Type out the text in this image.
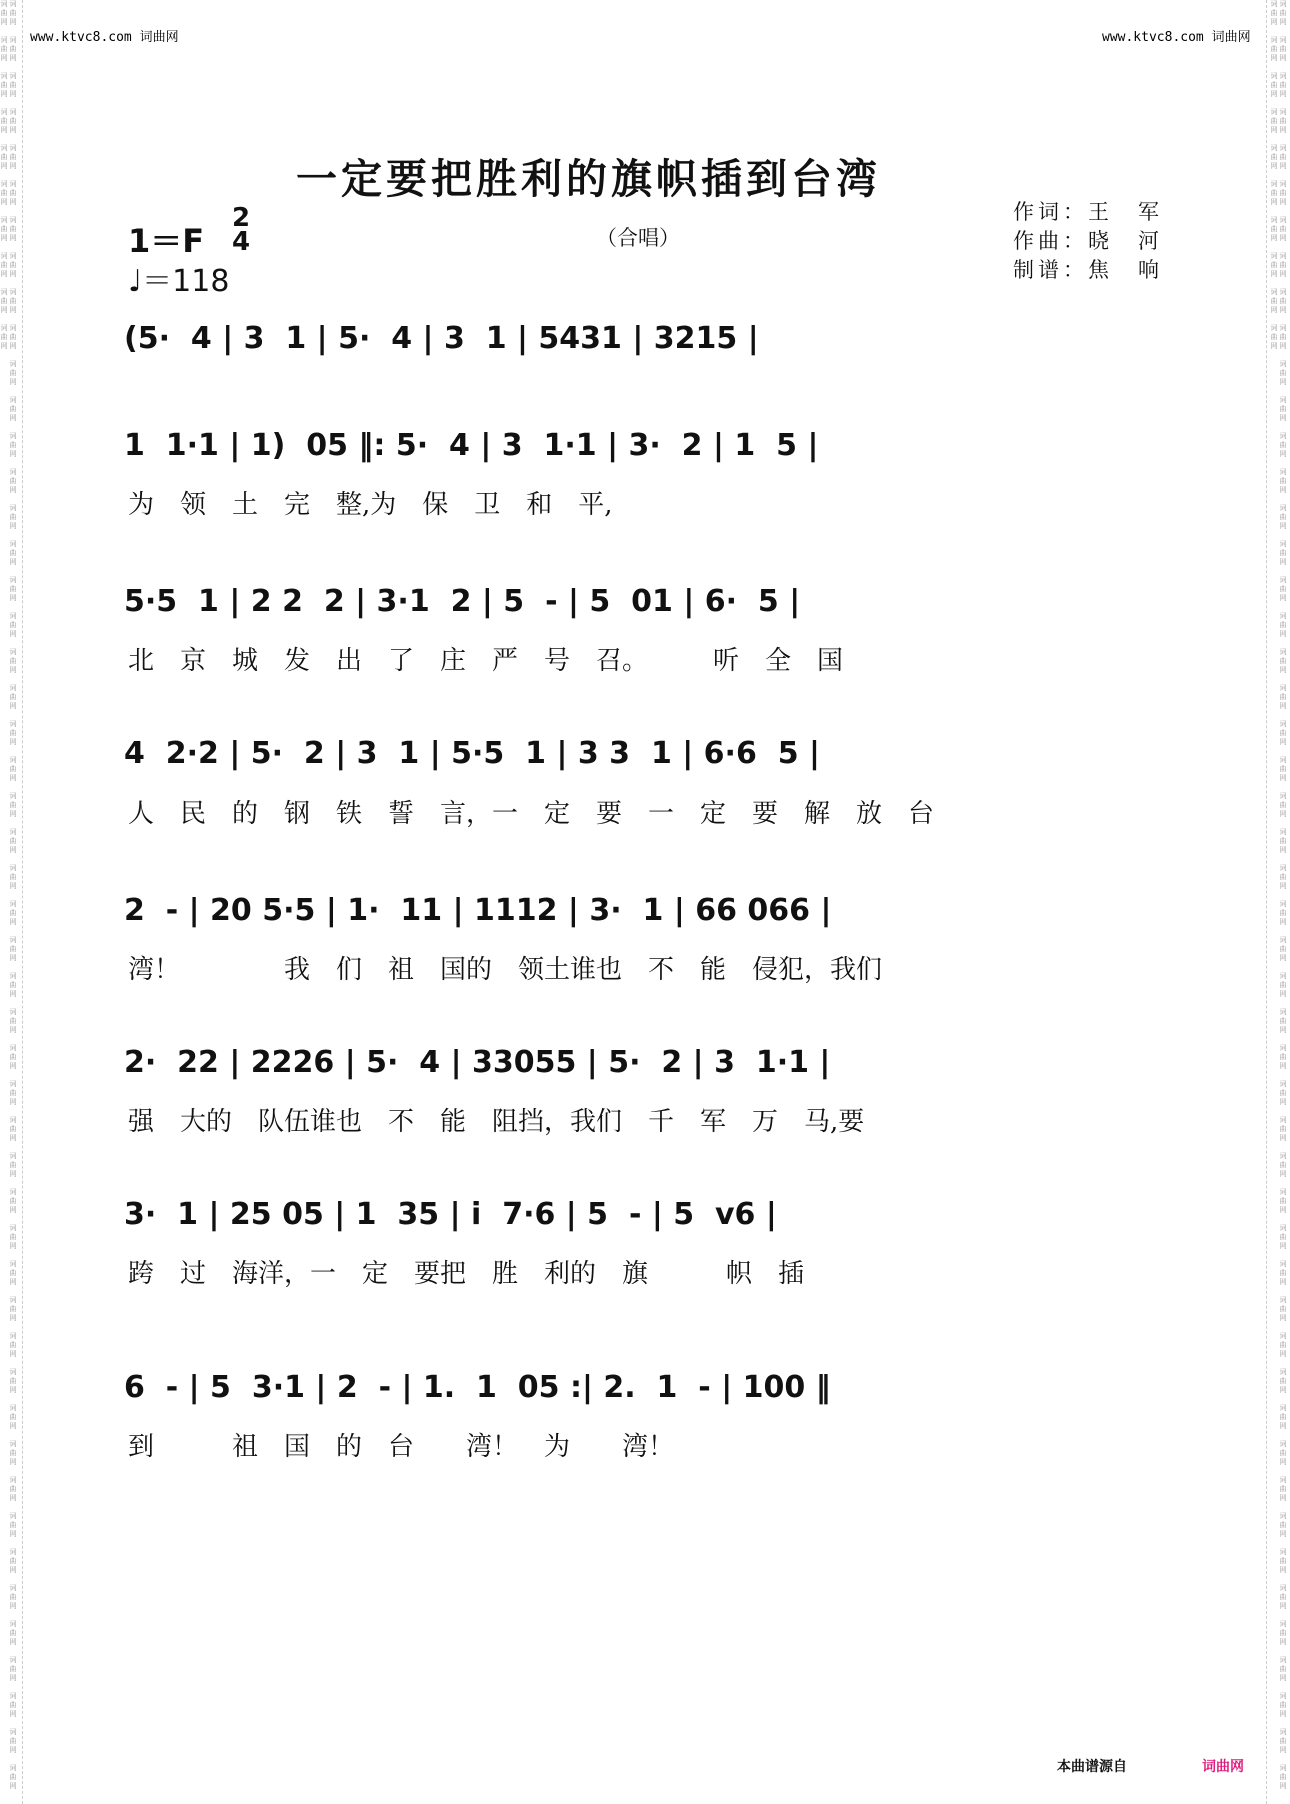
词曲网　词曲网　词曲网　词曲网　词曲网　词曲网　词曲网　词曲网　词曲网　词曲网　词曲网　词曲网　词曲网　词曲网　词曲网　词曲网　词曲网　词曲网　词曲网　词曲网　词曲网　词曲网　词曲网　词曲网　词曲网　词曲网　词曲网　词曲网　词曲网　词曲网　词曲网　词曲网　词曲网　词曲网　词曲网　词曲网　词曲网　词曲网　词曲网　词曲网　词曲网　词曲网　词曲网　词曲网　词曲网　词曲网　词曲网　词曲网　词曲网　词曲网　词曲网　词曲网　词曲网　词曲网　词曲网　词曲网　词曲网　词曲网　词曲网　词曲网　	词曲网　词曲网　词曲网　词曲网　词曲网　词曲网　词曲网　词曲网　词曲网　词曲网　词曲网　词曲网　词曲网　词曲网　词曲网　词曲网　词曲网　词曲网　词曲网　词曲网　词曲网　词曲网　词曲网　词曲网　词曲网　词曲网　词曲网　词曲网　词曲网　词曲网　词曲网　词曲网　词曲网　词曲网　词曲网　词曲网　词曲网　词曲网　词曲网　词曲网　词曲网　词曲网　词曲网　词曲网　词曲网　词曲网　词曲网　词曲网　词曲网　词曲网　词曲网　词曲网　词曲网　词曲网　词曲网　词曲网　词曲网　词曲网　词曲网　词曲网　
www.ktvc8.com 词曲网	www.ktvc8.com 词曲网
一定要把胜利的旗帜插到台湾
（合唱）
1＝F
2
4
♩＝118
作词：王　军
作曲：晓　河
制谱：焦　响
(5·  4 | 3  1 | 5·  4 | 3  1 | 5431 | 3215 |
1  1·1 | 1)  05 ‖: 5·  4 | 3  1·1 | 3·  2 | 1  5 |
为　领　土　完　整,为　保　卫　和　平,
5·5  1 | 2 2  2 | 3·1  2 | 5  - | 5  01 | 6·  5 |
北　京　城　发　出　了　庄　严　号　召。　　　听　全　国
4  2·2 | 5·  2 | 3  1 | 5·5  1 | 3 3  1 | 6·6  5 |
人　民　的　钢　铁　誓　言，一　定　要　一　定　要　解　放　台
2  - | 20 5·5 | 1·  11 | 1112 | 3·  1 | 66 066 |
湾！　　　　我　们　祖　国的　领土谁也　不　能　侵犯，我们
2·  22 | 2226 | 5·  4 | 33055 | 5·  2 | 3  1·1 |
强　大的　队伍谁也　不　能　阻挡，我们　千　军　万　马,要
3·  1 | 25 05 | 1  35 | i  7·6 | 5  - | 5  v6 |
跨　过　海洋，一　定　要把　胜　利的　旗　　　帜　插
6  - | 5  3·1 | 2  - | 1.  1  05 :| 2.  1  - | 100 ‖
到　　　祖　国　的　台　　湾！　为　　湾！
本曲谱源自	词曲网
